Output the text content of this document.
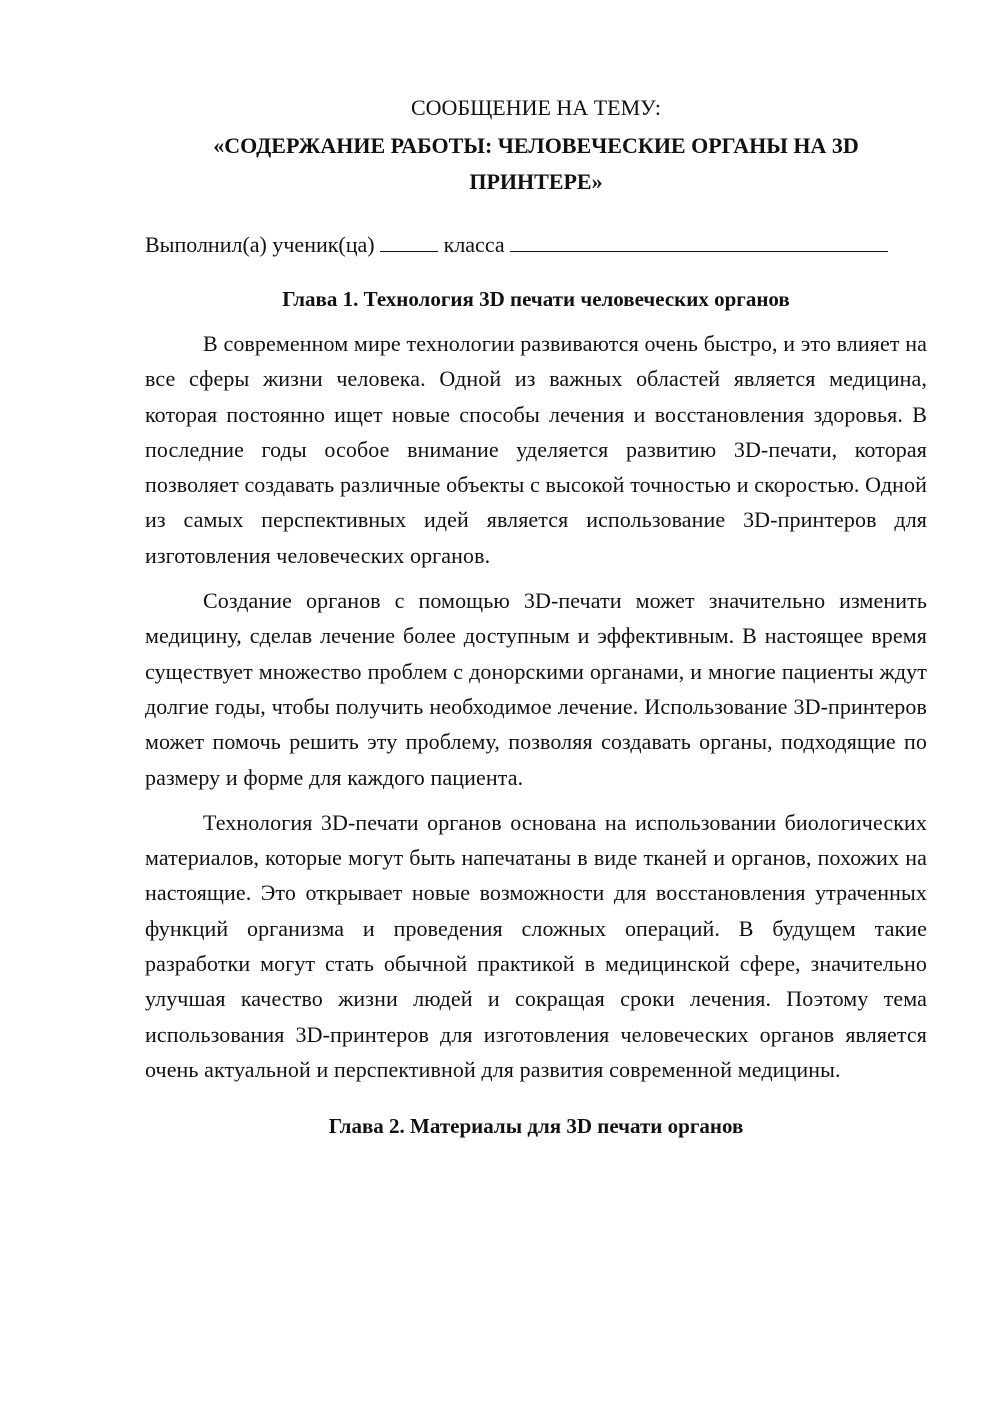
СООБЩЕНИЕ НА ТЕМУ:

«СОДЕРЖАНИЕ РАБОТЫ: ЧЕЛОВЕЧЕСКИЕ ОРГАНЫ НА 3D ПРИНТЕРЕ»

Выполнил(а) ученик(ца)	класса

Глава 1. Технология 3D печати человеческих органов

В современном мире технологии развиваются очень быстро, и это влияет на все сферы жизни человека. Одной из важных областей является медицина, которая постоянно ищет новые способы лечения и восстановления здоровья. В последние годы особое внимание уделяется развитию 3D-печати, которая позволяет создавать различные объекты с высокой точностью и скоростью. Одной из самых перспективных идей является использование 3D-принтеров для изготовления человеческих органов.

Создание органов с помощью 3D-печати может значительно изменить медицину, сделав лечение более доступным и эффективным. В настоящее время существует множество проблем с донорскими органами, и многие пациенты ждут долгие годы, чтобы получить необходимое лечение. Использование 3D-принтеров может помочь решить эту проблему, позволяя создавать органы, подходящие по размеру и форме для каждого пациента.

Технология 3D-печати органов основана на использовании биологических материалов, которые могут быть напечатаны в виде тканей и органов, похожих на настоящие. Это открывает новые возможности для восстановления утраченных функций организма и проведения сложных операций. В будущем такие разработки могут стать обычной практикой в медицинской сфере, значительно улучшая качество жизни людей и сокращая сроки лечения. Поэтому тема использования 3D-принтеров для изготовления человеческих органов является очень актуальной и перспективной для развития современной медицины.

Глава 2. Материалы для 3D печати органов
